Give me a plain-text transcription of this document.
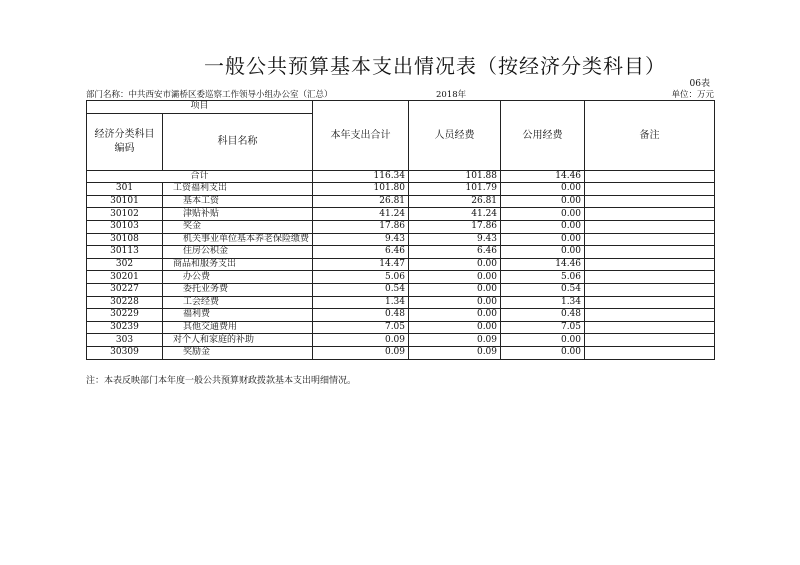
一般公共预算基本支出情况表（按经济分类科目）
06表
部门名称：中共西安市灞桥区委巡察工作领导小组办公室（汇总）	2018年	单位：万元
项目		本年支出合计	人员经费	公用经费	备注
经济分类科目编码	科目名称				
合计		116.34	101.88	14.46	
301	工资福利支出	101.80	101.79	0.00	
30101	基本工资	26.81	26.81	0.00	
30102	津贴补贴	41.24	41.24	0.00	
30103	奖金	17.86	17.86	0.00	
30108	机关事业单位基本养老保险缴费	9.43	9.43	0.00	
30113	住房公积金	6.46	6.46	0.00	
302	商品和服务支出	14.47	0.00	14.46	
30201	办公费	5.06	0.00	5.06	
30227	委托业务费	0.54	0.00	0.54	
30228	工会经费	1.34	0.00	1.34	
30229	福利费	0.48	0.00	0.48	
30239	其他交通费用	7.05	0.00	7.05	
303	对个人和家庭的补助	0.09	0.09	0.00	
30309	奖励金	0.09	0.09	0.00	
注：本表反映部门本年度一般公共预算财政拨款基本支出明细情况。
